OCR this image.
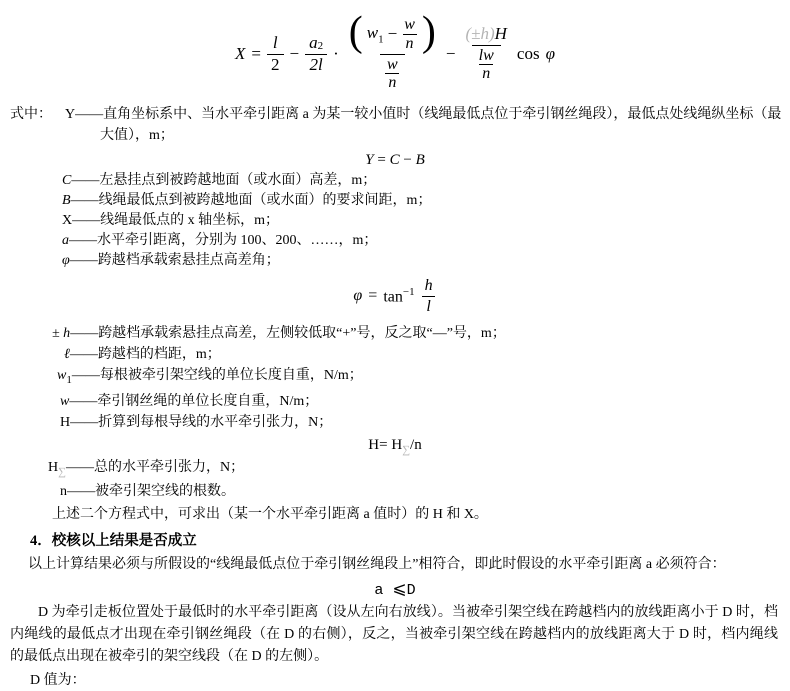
$X = \frac{l}{2} - \frac{a 2}{2l}$ · ( $w_1 - \frac{w}{n}$ )
$\frac{w}{n}$
− $\frac{(\pm h) H}{\frac{lw}{n}}$ cos φ
式中： Y——直角坐标系中、当水平牵引距离 a 为某一较小值时（线绳最低点位于牵引钢丝绳段），最低点处线绳纵坐标（最
大值），m；
Y = C − B
C——左悬挂点到被跨越地面（或水面）高差，m；
B——线绳最低点到被跨越地面（或水面）的要求间距，m；
X——线绳最低点的 x 轴坐标，m；
a——水平牵引距离，分别为 100、200、……，m；
φ——跨越档承载索悬挂点高差角；
$\varphi = \tan^{-1} \frac{h}{l}$
± h——跨越档承载索悬挂点高差，左侧较低取“+”号，反之取“—”号，m；
ℓ——跨越档的档距，m；
$w_1——$每根被牵引架空线的单位长度自重，N/m；
w——牵引钢丝绳的单位长度自重，N/m；
H——折算到每根导线的水平牵引张力，N；
$H= H_\sum/n$
$H_\sum——$总的水平牵引张力，N；
n——被牵引架空线的根数。
上述二个方程式中，可求出（某一个水平牵引距离 a 值时）的 H 和 X。
4．校核以上结果是否成立
以上计算结果必须与所假设的“线绳最低点位于牵引钢丝绳段上”相符合，即此时假设的水平牵引距离 a 必须符合：
a ⩽D
D 为牵引走板位置处于最低时的水平牵引距离（设从左向右放线）。当被牵引架空线在跨越档内的放线距离小于 D 时，档内绳线的最低点才出现在牵引钢丝绳段（在 D 的右侧），反之，当被牵引架空线在跨越档内的放线距离大于 D 时，档内绳线的最低点出现在被牵引的架空线段（在 D 的左侧）。
D 值为：
